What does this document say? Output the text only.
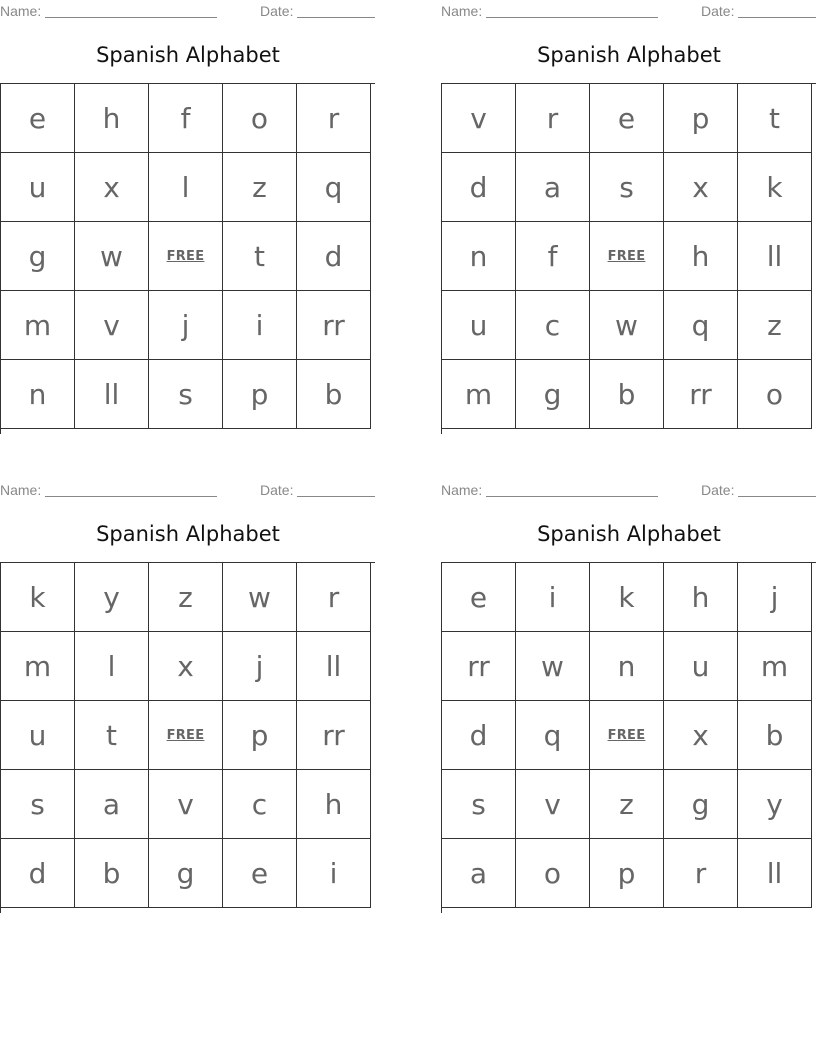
Name:	Date:
Spanish Alphabet
e	h	f	o	r
u	x	l	z	q
g	w	FREE	t	d
m	v	j	i	rr
n	ll	s	p	b
Name:	Date:
Spanish Alphabet
v	r	e	p	t
d	a	s	x	k
n	f	FREE	h	ll
u	c	w	q	z
m	g	b	rr	o
Name:	Date:
Spanish Alphabet
k	y	z	w	r
m	l	x	j	ll
u	t	FREE	p	rr
s	a	v	c	h
d	b	g	e	i
Name:	Date:
Spanish Alphabet
e	i	k	h	j
rr	w	n	u	m
d	q	FREE	x	b
s	v	z	g	y
a	o	p	r	ll
